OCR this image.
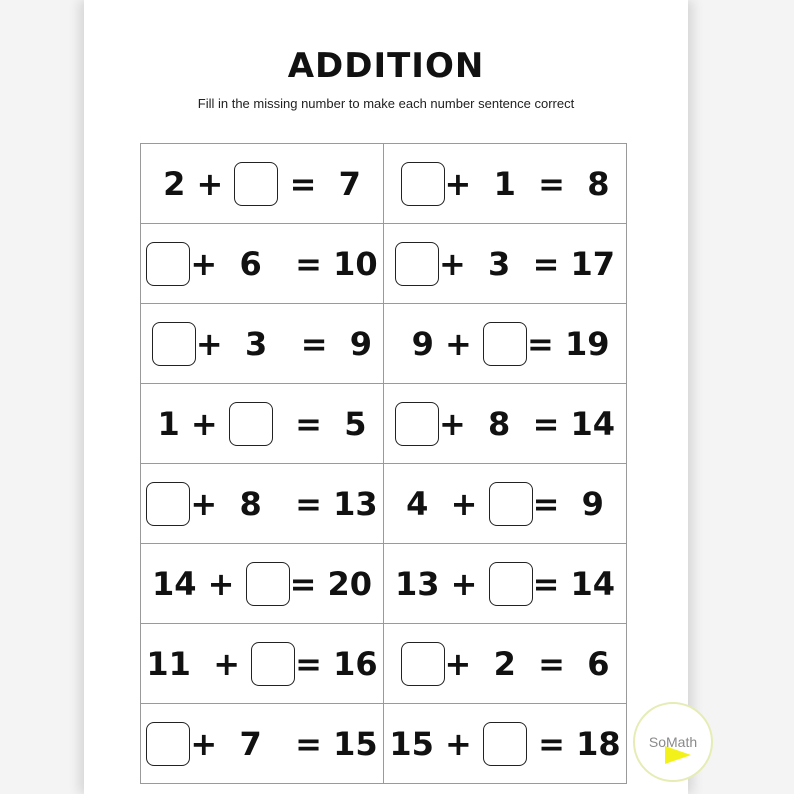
ADDITION
Fill in the missing number to make each number sentence correct
2 + =  7	+  1  =  8
+  6   = 10 +  3  = 17
+  3   =  9 9 + = 19
1 + =  5 +  8  = 14
+  8   = 13 4  + =  9
14 + = 20 13 + = 14
11  + = 16 +  2  =  6
+  7   = 15 15 + = 18 SoMath
